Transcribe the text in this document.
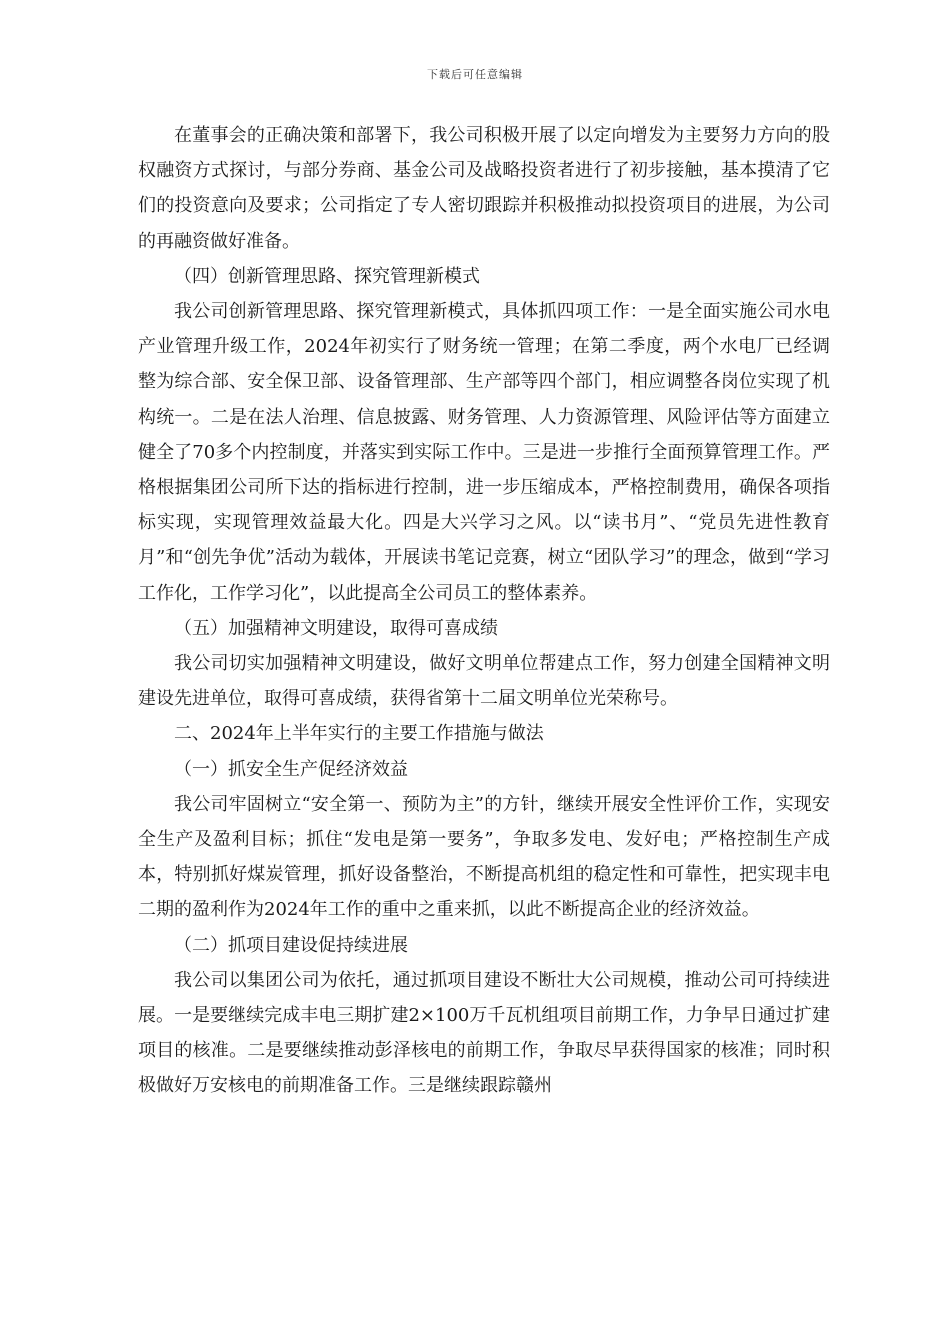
下载后可任意编辑

在董事会的正确决策和部署下，我公司积极开展了以定向增发为主要努力方向的股权融资方式探讨，与部分券商、基金公司及战略投资者进行了初步接触，基本摸清了它们的投资意向及要求；公司指定了专人密切跟踪并积极推动拟投资项目的进展，为公司的再融资做好准备。

（四）创新管理思路、探究管理新模式

我公司创新管理思路、探究管理新模式，具体抓四项工作：一是全面实施公司水电产业管理升级工作，2024年初实行了财务统一管理；在第二季度，两个水电厂已经调整为综合部、安全保卫部、设备管理部、生产部等四个部门，相应调整各岗位实现了机构统一。二是在法人治理、信息披露、财务管理、人力资源管理、风险评估等方面建立健全了70多个内控制度，并落实到实际工作中。三是进一步推行全面预算管理工作。严格根据集团公司所下达的指标进行控制，进一步压缩成本，严格控制费用，确保各项指标实现，实现管理效益最大化。四是大兴学习之风。以“读书月”、“党员先进性教育月”和“创先争优”活动为载体，开展读书笔记竞赛，树立“团队学习”的理念，做到“学习工作化，工作学习化”，以此提高全公司员工的整体素养。

（五）加强精神文明建设，取得可喜成绩

我公司切实加强精神文明建设，做好文明单位帮建点工作，努力创建全国精神文明建设先进单位，取得可喜成绩，获得省第十二届文明单位光荣称号。

二、2024年上半年实行的主要工作措施与做法

（一）抓安全生产促经济效益

我公司牢固树立“安全第一、预防为主”的方针，继续开展安全性评价工作，实现安全生产及盈利目标；抓住“发电是第一要务”，争取多发电、发好电；严格控制生产成本，特别抓好煤炭管理，抓好设备整治，不断提高机组的稳定性和可靠性，把实现丰电二期的盈利作为2024年工作的重中之重来抓，以此不断提高企业的经济效益。

（二）抓项目建设促持续进展

我公司以集团公司为依托，通过抓项目建设不断壮大公司规模，推动公司可持续进展。一是要继续完成丰电三期扩建2×100万千瓦机组项目前期工作，力争早日通过扩建项目的核准。二是要继续推动彭泽核电的前期工作，争取尽早获得国家的核准；同时积极做好万安核电的前期准备工作。三是继续跟踪赣州
